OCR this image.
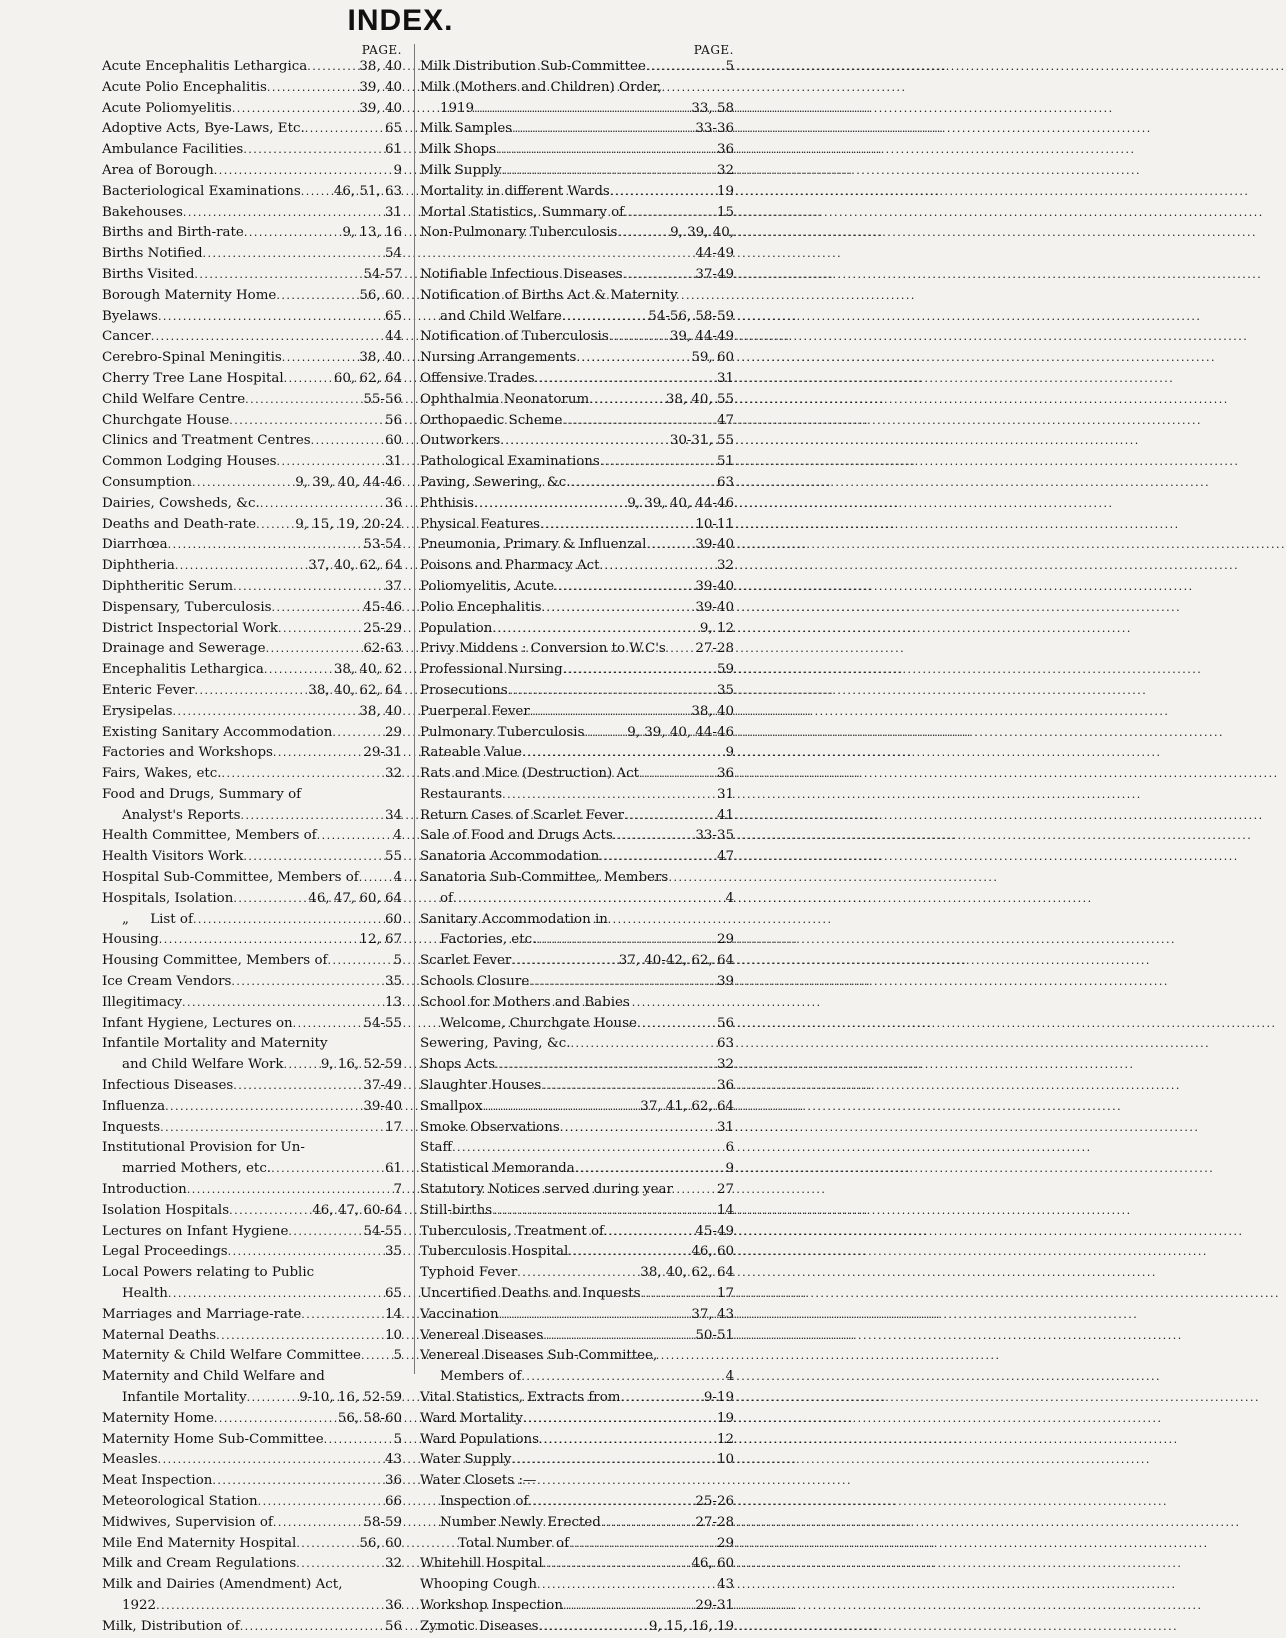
INDEX.
PAGE.
Acute Encephalitis Lethargica .....	38, 40
Acute Polio Encephalitis .....	39, 40
Acute Poliomyelitis .....	39, 40
Adoptive Acts, Bye-Laws, Etc. .....	65
Ambulance Facilities .....	61
Area of Borough .....	9
Bacteriological Examinations ..... 46, 51, 63
Bakehouses .....	31
Births and Birth-rate .....	9, 13, 16
Births Notified .....	54
Births Visited .....	54-57
Borough Maternity Home .....	56, 60
Byelaws .....	65
Cancer .....	44
Cerebro-Spinal Meningitis .....	38, 40
Cherry Tree Lane Hospital .....	60, 62, 64
Child Welfare Centre .....	55-56
Churchgate House .....	56
Clinics and Treatment Centres .....	60
Common Lodging Houses .....	31
Consumption .....	9, 39, 40, 44-46
Dairies, Cowsheds, &c. .....	36
Deaths and Death-rate .....	9, 15, 19, 20-24
Diarrhœa .....	53-54
Diphtheria .....	37, 40, 62, 64
Diphtheritic Serum .....	37
Dispensary, Tuberculosis .....	45-46
District Inspectorial Work .....	25-29
Drainage and Sewerage .....	62-63
Encephalitis Lethargica .....	38, 40, 62
Enteric Fever .....	38, 40, 62, 64
Erysipelas .....	38, 40
Existing Sanitary Accommodation .....	29
Factories and Workshops .....	29-31
Fairs, Wakes, etc. .....	32
Food and Drugs, Summary of
Analyst's Reports .....	34
Health Committee, Members of .....	4
Health Visitors Work .....	55
Hospital Sub-Committee, Members of .....	4
Hospitals, Isolation .....	46, 47, 60, 64
„     List of .....	60
Housing .....	12, 67
Housing Committee, Members of .....	5
Ice Cream Vendors .....	35
Illegitimacy .....	13
Infant Hygiene, Lectures on .....	54-55
Infantile Mortality and Maternity
and Child Welfare Work .....	9, 16, 52-59
Infectious Diseases .....	37-49
Influenza .....	39-40
Inquests .....	17
Institutional Provision for Un-
married Mothers, etc. .....	61
Introduction .....	7
Isolation Hospitals .....	46, 47, 60-64
Lectures on Infant Hygiene .....	54-55
Legal Proceedings .....	35
Local Powers relating to Public
Health .....	65
Marriages and Marriage-rate .....	14
Maternal Deaths .....	10
Maternity & Child Welfare Committee ..... 5
Maternity and Child Welfare and
Infantile Mortality .....	9-10, 16, 52-59
Maternity Home .....	56, 58-60
Maternity Home Sub-Committee .....	5
Measles .....	43
Meat Inspection .....	36
Meteorological Station .....	66
Midwives, Supervision of .....	58-59
Mile End Maternity Hospital .....	56, 60
Milk and Cream Regulations .....	32
Milk and Dairies (Amendment) Act,
1922 .....	36
Milk, Distribution of .....	56
PAGE.
Milk Distribution Sub-Committee .....	5
Milk (Mothers and Children) Order,
1919 .....	33, 58
Milk Samples .....	33-36
Milk Shops .....	36
Milk Supply .....	32
Mortality in different Wards .....	19
Mortal Statistics, Summary of .....	15
Non-Pulmonary Tuberculosis .....	9, 39, 40,
44-49
Notifiable Infectious Diseases .....	37-49
Notification of Births Act & Maternity
and Child Welfare .....	54-56, 58-59
Notification of Tuberculosis .....	39, 44-49
Nursing Arrangements .....	59, 60
Offensive Trades .....	31
Ophthalmia Neonatorum .....	38, 40, 55
Orthopaedic Scheme .....	47
Outworkers .....	30-31, 55
Pathological Examinations .....	51
Paving, Sewering, &c. .....	63
Phthisis .....	9, 39, 40, 44-46
Physical Features .....	10-11
Pneumonia, Primary & Influenzal .....	39-40
Poisons and Pharmacy Act .....	32
Poliomyelitis, Acute .....	39-40
Polio Encephalitis .....	39-40
Population .....	9, 12
Privy Middens : Conversion to W.C's 27-28
Professional Nursing .....	59
Prosecutions .....	35
Puerperal Fever .....	38, 40
Pulmonary Tuberculosis .....	9, 39, 40, 44-46
Rateable Value .....	9
Rats and Mice (Destruction) Act .....	36
Restaurants .....	31
Return Cases of Scarlet Fever .....	41
Sale of Food and Drugs Acts .....	33-35
Sanatoria Accommodation .....	47
Sanatoria Sub-Committee, Members
of .....	4
Sanitary Accommodation in
Factories, etc. .....	29
Scarlet Fever .....	37, 40-42, 62, 64
Schools Closure .....	39
School for Mothers and Babies
Welcome, Churchgate House .....	56
Sewering, Paving, &c. .....	63
Shops Acts .....	32
Slaughter Houses .....	36
Smallpox .....	37, 41, 62, 64
Smoke Observations .....	31
Staff .....	6
Statistical Memoranda .....	9
Statutory Notices served during year	27
Still-births .....	14
Tuberculosis, Treatment of .....	45-49
Tuberculosis Hospital .....	46, 60
Typhoid Fever .....	38, 40, 62, 64
Uncertified Deaths and Inquests .....	17
Vaccination .....	37, 43
Venereal Diseases .....	50-51
Venereal Diseases Sub-Committee,
Members of .....	4
Vital Statistics, Extracts from .....	9-19
Ward Mortality .....	19
Ward Populations .....	12
Water Supply .....	10
Water Closets :—
Inspection of .....	25-26
Number Newly Erected .....	27-28
Total Number of .....	29
Whitehill Hospital .....	46, 60
Whooping Cough .....	43
Workshop Inspection .....	29-31
Zymotic Diseases .....	9, 15, 16, 19
